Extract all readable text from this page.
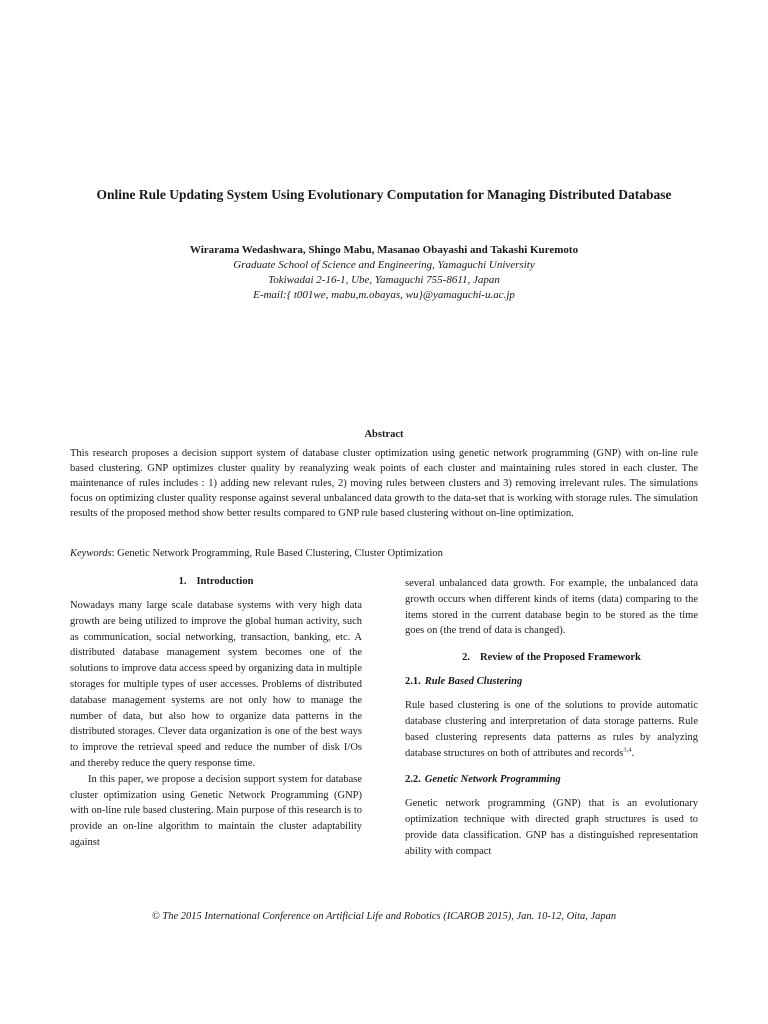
Online Rule Updating System Using Evolutionary Computation for Managing Distributed Database
Wirarama Wedashwara, Shingo Mabu, Masanao Obayashi and Takashi Kuremoto
Graduate School of Science and Engineering, Yamaguchi University
Tokiwadai 2-16-1, Ube, Yamaguchi 755-8611, Japan
E-mail:{ t001we, mabu,m.obayas, wu}@yamaguchi-u.ac.jp
Abstract
This research proposes a decision support system of database cluster optimization using genetic network programming (GNP) with on-line rule based clustering. GNP optimizes cluster quality by reanalyzing weak points of each cluster and maintaining rules stored in each cluster. The maintenance of rules includes : 1) adding new relevant rules, 2) moving rules between clusters and 3) removing irrelevant rules. The simulations focus on optimizing cluster quality response against several unbalanced data growth to the data-set that is working with storage rules. The simulation results of the proposed method show better results compared to GNP rule based clustering without on-line optimization.
Keywords: Genetic Network Programming, Rule Based Clustering, Cluster Optimization
1. Introduction

Nowadays many large scale database systems with very high data growth are being utilized to improve the global human activity, such as communication, social networking, transaction, banking, etc. A distributed database management system becomes one of the solutions to improve data access speed by organizing data in multiple storages for multiple types of user accesses. Problems of distributed database management systems are not only how to manage the number of data, but also how to organize data patterns in the distributed storages. Clever data organization is one of the best ways to improve the retrieval speed and reduce the number of disk I/Os and thereby reduce the query response time.

In this paper, we propose a decision support system for database cluster optimization using Genetic Network Programming (GNP) with on-line rule based clustering. Main purpose of this research is to provide an on-line algorithm to maintain the cluster adaptability against

several unbalanced data growth. For example, the unbalanced data growth occurs when different kinds of items (data) comparing to the items stored in the current database begin to be stored as the time goes on (the trend of data is changed).

2. Review of the Proposed Framework
2.1. Rule Based Clustering

Rule based clustering is one of the solutions to provide automatic database clustering and interpretation of data storage patterns. Rule based clustering represents data patterns as rules by analyzing database structures on both of attributes and records$^{3,4}$.

2.2. Genetic Network Programming

Genetic network programming (GNP) that is an evolutionary optimization technique with directed graph structures is used to provide data classification. GNP has a distinguished representation ability with compact

© The 2015 International Conference on Artificial Life and Robotics (ICAROB 2015), Jan. 10-12, Oita, Japan
